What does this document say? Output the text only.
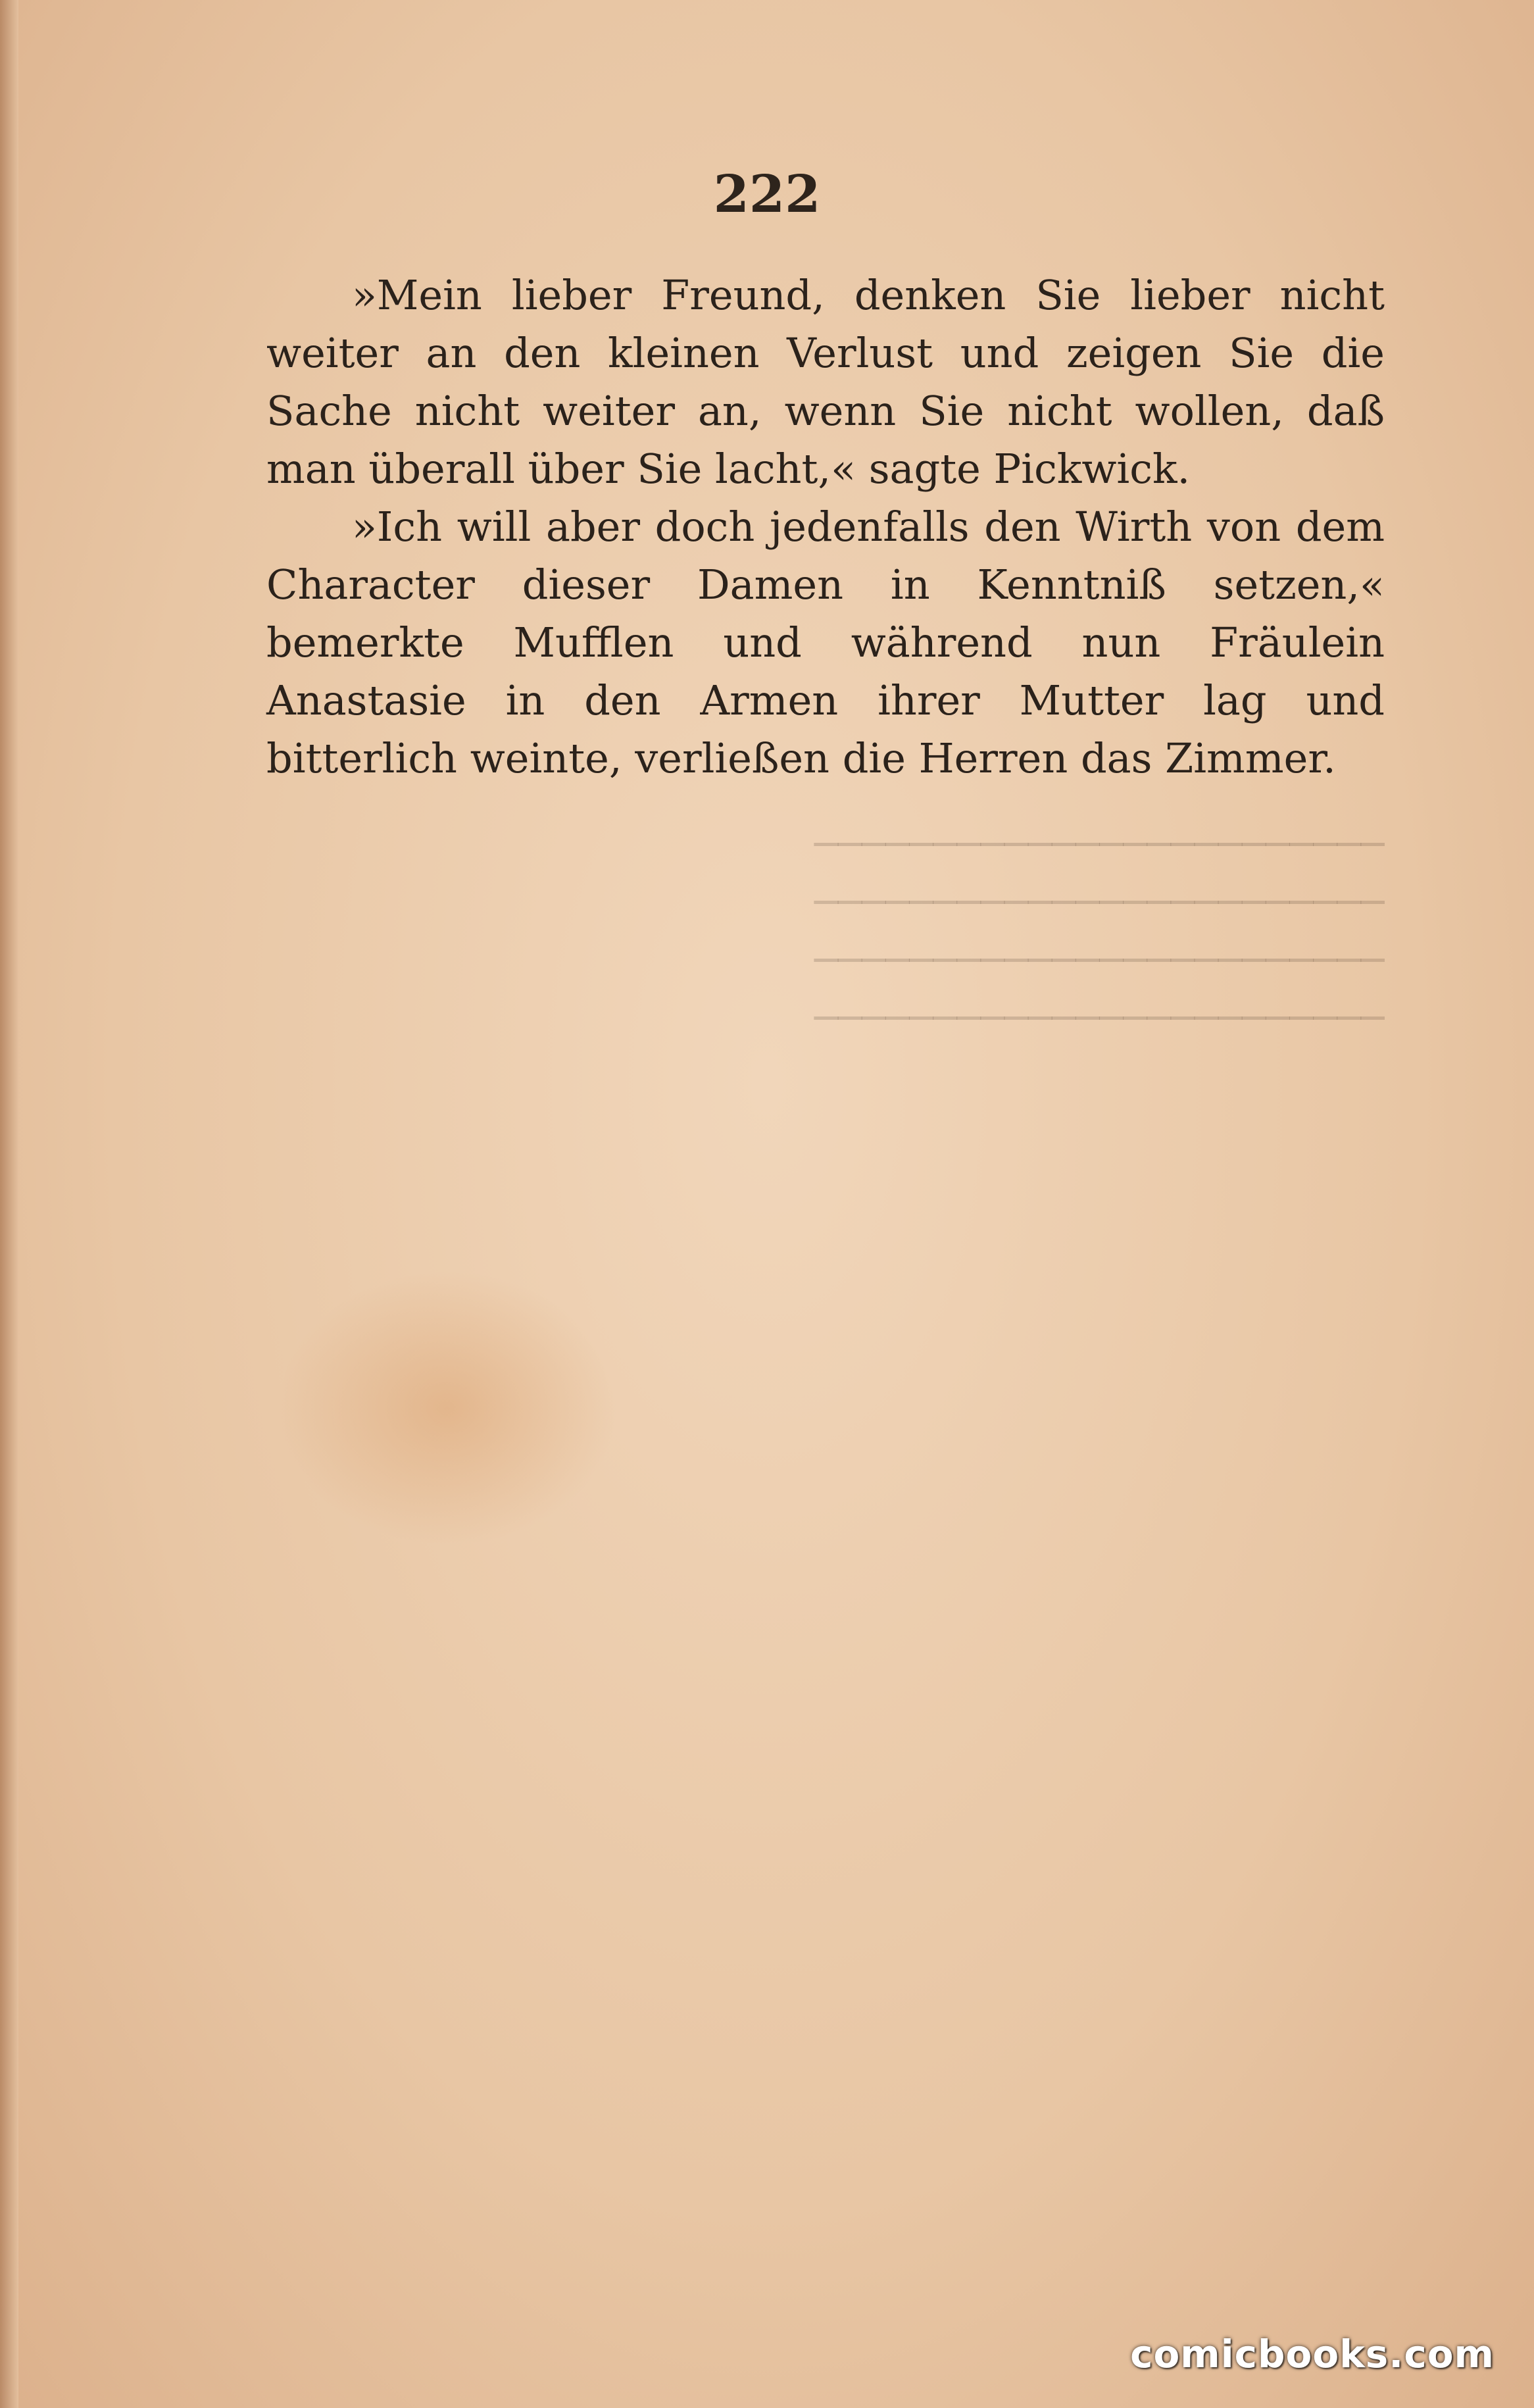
222

»Mein lieber Freund, denken Sie lieber nicht weiter an den kleinen Verlust und zeigen Sie die Sache nicht weiter an, wenn Sie nicht wollen, daß man überall über Sie lacht,« sagte Pickwick.

»Ich will aber doch jedenfalls den Wirth von dem Character dieser Damen in Kenntniß setzen,« bemerkte Mufflen und während nun Fräulein Anastasie in den Armen ihrer Mutter lag und bitterlich weinte, verließen die Herren das Zimmer.

────────────────────────
────────────────────────
────────────────────────
────────────────────────
comicbooks.com
